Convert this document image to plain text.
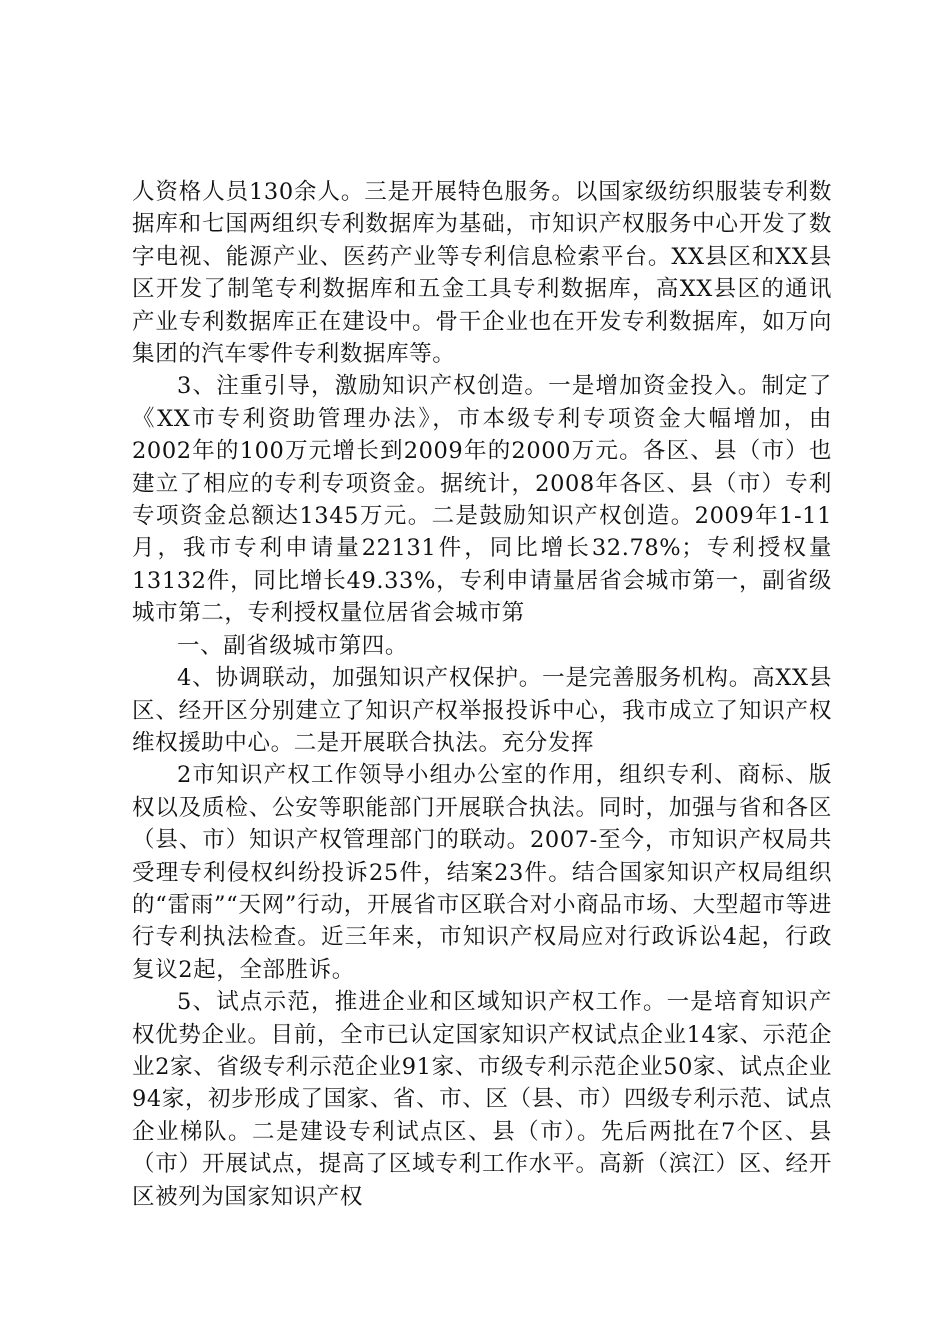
人资格人员130余人。三是开展特色服务。以国家级纺织服装专利数据库和七国两组织专利数据库为基础，市知识产权服务中心开发了数字电视、能源产业、医药产业等专利信息检索平台。XX县区和XX县区开发了制笔专利数据库和五金工具专利数据库，高XX县区的通讯产业专利数据库正在建设中。骨干企业也在开发专利数据库，如万向集团的汽车零件专利数据库等。

3、注重引导，激励知识产权创造。一是增加资金投入。制定了《XX市专利资助管理办法》，市本级专利专项资金大幅增加，由2002年的100万元增长到2009年的2000万元。各区、县（市）也建立了相应的专利专项资金。据统计，2008年各区、县（市）专利专项资金总额达1345万元。二是鼓励知识产权创造。2009年1-11月，我市专利申请量22131件，同比增长32.78%；专利授权量13132件，同比增长49.33%，专利申请量居省会城市第一，副省级城市第二，专利授权量位居省会城市第

一、副省级城市第四。

4、协调联动，加强知识产权保护。一是完善服务机构。高XX县区、经开区分别建立了知识产权举报投诉中心，我市成立了知识产权维权援助中心。二是开展联合执法。充分发挥

2市知识产权工作领导小组办公室的作用，组织专利、商标、版权以及质检、公安等职能部门开展联合执法。同时，加强与省和各区（县、市）知识产权管理部门的联动。2007-至今，市知识产权局共受理专利侵权纠纷投诉25件，结案23件。结合国家知识产权局组织的“雷雨”“天网”行动，开展省市区联合对小商品市场、大型超市等进行专利执法检查。近三年来，市知识产权局应对行政诉讼4起，行政复议2起，全部胜诉。

5、试点示范，推进企业和区域知识产权工作。一是培育知识产权优势企业。目前，全市已认定国家知识产权试点企业14家、示范企业2家、省级专利示范企业91家、市级专利示范企业50家、试点企业94家，初步形成了国家、省、市、区（县、市）四级专利示范、试点企业梯队。二是建设专利试点区、县（市）。先后两批在7个区、县（市）开展试点，提高了区域专利工作水平。高新（滨江）区、经开区被列为国家知识产权
